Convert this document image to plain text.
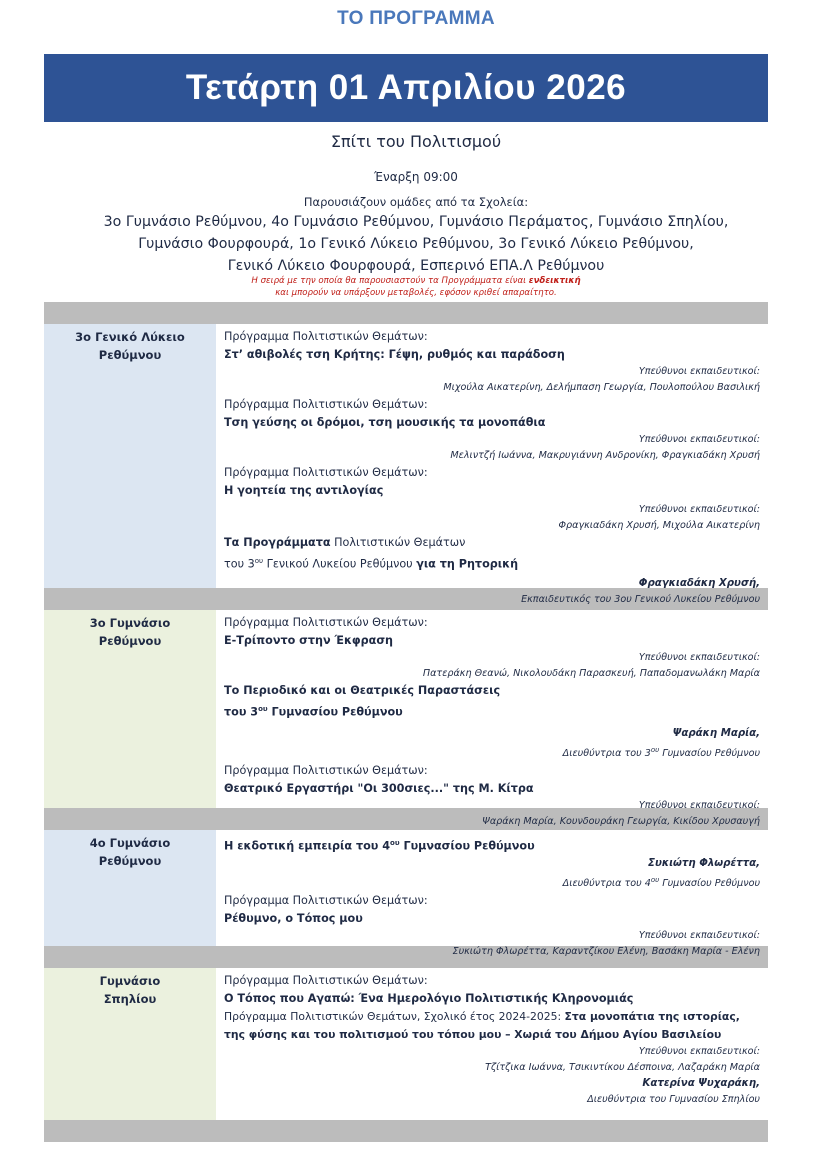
ΤΟ ΠΡΟΓΡΑΜΜΑ
Τετάρτη 01 Απριλίου 2026
Σπίτι του Πολιτισμού
Έναρξη 09:00
Παρουσιάζουν ομάδες από τα Σχολεία:
3ο Γυμνάσιο Ρεθύμνου, 4ο Γυμνάσιο Ρεθύμνου, Γυμνάσιο Περάματος, Γυμνάσιο Σπηλίου,
Γυμνάσιο Φουρφουρά, 1ο Γενικό Λύκειο Ρεθύμνου, 3ο Γενικό Λύκειο Ρεθύμνου,
Γενικό Λύκειο Φουρφουρά, Εσπερινό ΕΠΑ.Λ Ρεθύμνου
Η σειρά με την οποία θα παρουσιαστούν τα Προγράμματα είναι ενδεικτική
και μπορούν να υπάρξουν μεταβολές, εφόσον κριθεί απαραίτητο.
3ο Γενικό Λύκειο
Ρεθύμνου
Πρόγραμμα Πολιτιστικών Θεμάτων:
Στ’ αθιβολές τση Κρήτης: Γέψη, ρυθμός και παράδοση
Υπεύθυνοι εκπαιδευτικοί:
Μιχούλα Αικατερίνη, Δελήμπαση Γεωργία, Πουλοπούλου Βασιλική
Πρόγραμμα Πολιτιστικών Θεμάτων:
Τση γεύσης οι δρόμοι, τση μουσικής τα μονοπάθια
Υπεύθυνοι εκπαιδευτικοί:
Μελιντζή Ιωάννα, Μακρυγιάννη Ανδρονίκη, Φραγκιαδάκη Χρυσή
Πρόγραμμα Πολιτιστικών Θεμάτων:
Η γοητεία της αντιλογίας
Υπεύθυνοι εκπαιδευτικοί:
Φραγκιαδάκη Χρυσή, Μιχούλα Αικατερίνη
Τα Προγράμματα Πολιτιστικών Θεμάτων
του $3^{o\upsilon}$ Γενικού Λυκείου Ρεθύμνου για τη Ρητορική
Φραγκιαδάκη Χρυσή,
Εκπαιδευτικός του 3ου Γενικού Λυκείου Ρεθύμνου
3ο Γυμνάσιο
Ρεθύμνου
Πρόγραμμα Πολιτιστικών Θεμάτων:
Ε-Τρίποντο στην Έκφραση
Υπεύθυνοι εκπαιδευτικοί:
Πατεράκη Θεανώ, Νικολουδάκη Παρασκευή, Παπαδομανωλάκη Μαρία
Το Περιοδικό και οι Θεατρικές Παραστάσεις
του $3^{o\upsilon}$ Γυμνασίου Ρεθύμνου
Ψαράκη Μαρία,
Διευθύντρια του $3^{o\upsilon}$ Γυμνασίου Ρεθύμνου
Πρόγραμμα Πολιτιστικών Θεμάτων:
Θεατρικό Εργαστήρι "Οι 300σιες..." της Μ. Κίτρα
Υπεύθυνοι εκπαιδευτικοί:
Ψαράκη Μαρία, Κουνδουράκη Γεωργία, Κικίδου Χρυσαυγή
4ο Γυμνάσιο
Ρεθύμνου
Η εκδοτική εμπειρία του $4^{o\upsilon}$ Γυμνασίου Ρεθύμνου
Συκιώτη Φλωρέττα,
Διευθύντρια του $4^{o\upsilon}$ Γυμνασίου Ρεθύμνου
Πρόγραμμα Πολιτιστικών Θεμάτων:
Ρέθυμνο, ο Τόπος μου
Υπεύθυνοι εκπαιδευτικοί:
Συκιώτη Φλωρέττα, Καραντζίκου Ελένη, Βασάκη Μαρία - Ελένη
Γυμνάσιο
Σπηλίου
Πρόγραμμα Πολιτιστικών Θεμάτων:
Ο Τόπος που Αγαπώ: Ένα Ημερολόγιο Πολιτιστικής Κληρονομιάς
Πρόγραμμα Πολιτιστικών Θεμάτων, Σχολικό έτος 2024-2025: Στα μονοπάτια της ιστορίας,
της φύσης και του πολιτισμού του τόπου μου – Χωριά του Δήμου Αγίου Βασιλείου
Υπεύθυνοι εκπαιδευτικοί:
Τζίτζικα Ιωάννα, Τσικιντίκου Δέσποινα, Λαζαράκη Μαρία
Κατερίνα Ψυχαράκη,
Διευθύντρια του Γυμνασίου Σπηλίου
